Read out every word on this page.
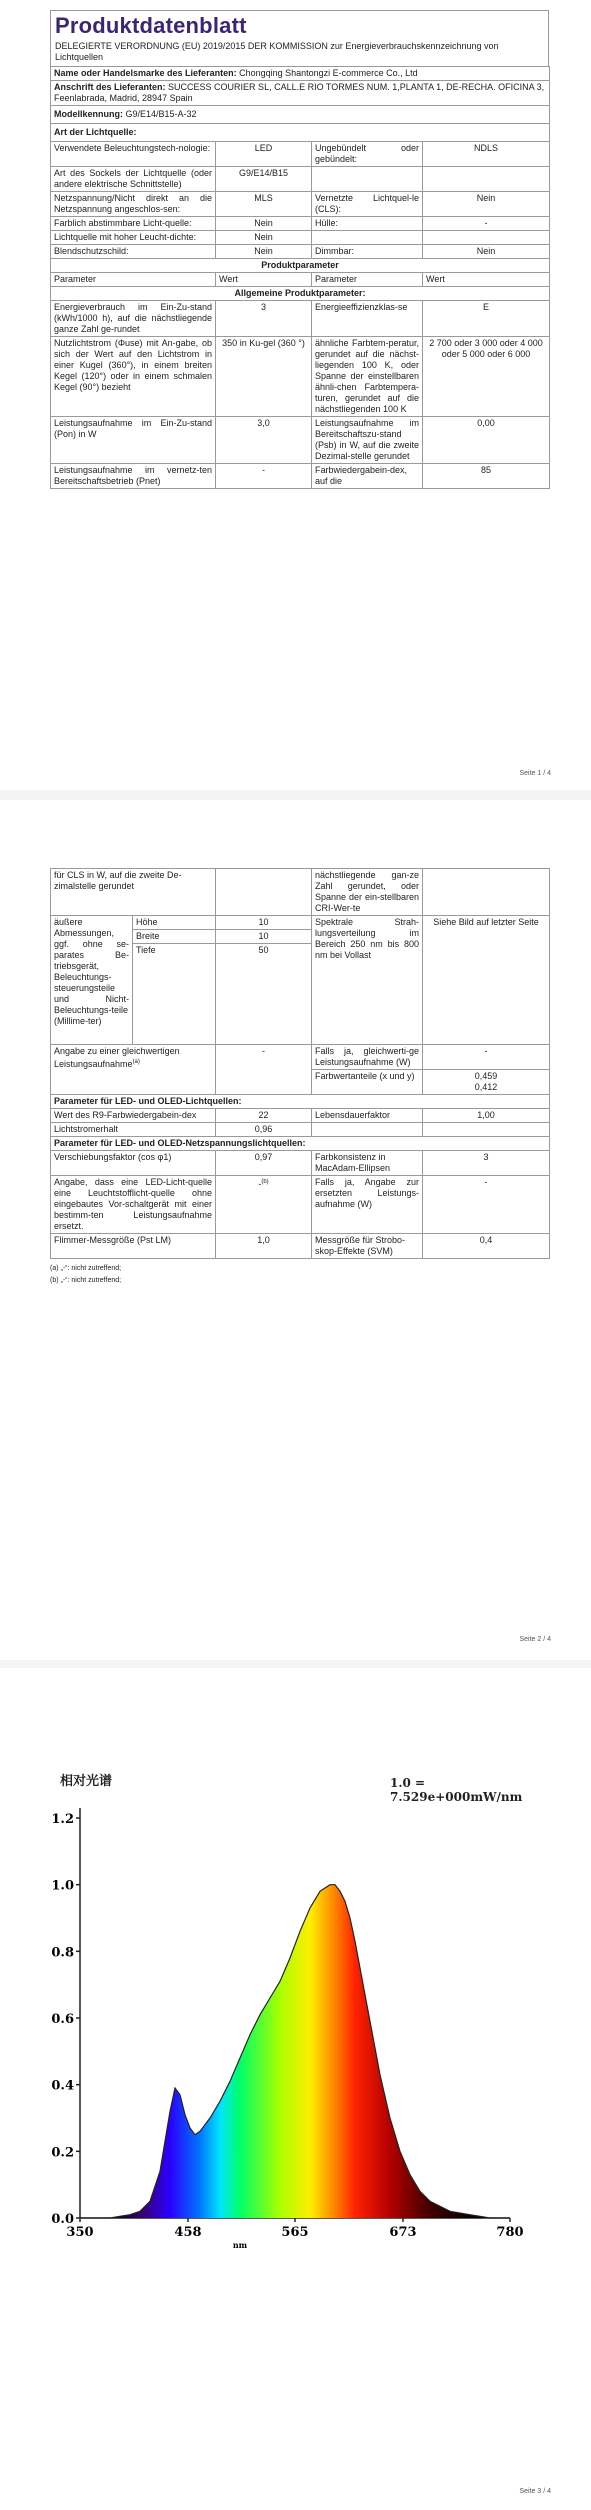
Produktdatenblatt
DELEGIERTE VERORDNUNG (EU) 2019/2015 DER KOMMISSION zur Energieverbrauchskennzeichnung von Lichtquellen
Name oder Handelsmarke des Lieferanten: Chongqing Shantongzi E-commerce Co., Ltd			
Anschrift des Lieferanten: SUCCESS COURIER SL, CALL.E RIO TORMES NUM. 1,PLANTA 1, DE-RECHA. OFICINA 3, Feenlabrada, Madrid, 28947 Spain			
Modellkennung: G9/E14/B15-A-32			
Art der Lichtquelle:			
Verwendete Beleuchtungstech-nologie:	LED	Ungebündelt oder gebündelt:	NDLS
Art des Sockels der Lichtquelle (oder andere elektrische Schnittstelle)	G9/E14/B15		
Netzspannung/Nicht direkt an die Netzspannung angeschlos-sen:	MLS	Vernetzte Lichtquel-le (CLS):	Nein
Farblich abstimmbare Licht-quelle:	Nein	Hülle:	-
Lichtquelle mit hoher Leucht-dichte:	Nein		
Blendschutzschild:	Nein	Dimmbar:	Nein
Produktparameter			
Parameter	Wert	Parameter	Wert
Allgemeine Produktparameter:			
Energieverbrauch im Ein-Zu-stand (kWh/1000 h), auf die nächstliegende ganze Zahl ge-rundet	3	Energieeffizienzklas-se	E
Nutzlichtstrom (Φuse) mit An-gabe, ob sich der Wert auf den Lichtstrom in einer Kugel (360°), in einem breiten Kegel (120°) oder in einem schmalen Kegel (90°) bezieht	350 in Ku-gel (360 °)	ähnliche Farbtem-peratur, gerundet auf die nächst-liegenden 100 K, oder Spanne der einstellbaren ähnli-chen Farbtempera-turen, gerundet auf die nächstliegenden 100 K	2 700 oder 3 000 oder 4 000 oder 5 000 oder 6 000
Leistungsaufnahme im Ein-Zu-stand (Pon) in W	3,0	Leistungsaufnahme im Bereitschaftszu-stand (Psb) in W, auf die zweite Dezimal-stelle gerundet	0,00
Leistungsaufnahme im vernetz-ten Bereitschaftsbetrieb (Pnet)	-	Farbwiedergabein-dex, auf die	85
Seite 1 / 4
für CLS in W, auf die zweite De-zimalstelle gerundet			nächstliegende gan-ze Zahl gerundet, oder Spanne der ein-stellbaren CRI-Wer-te	
äußere Abmessungen, ggf. ohne se-parates Be-triebsgerät, Beleuchtungs-steuerungsteile und Nicht-Beleuchtungs-teile (Millime-ter)	Höhe	10	Spektrale Strah-lungsverteilung im Bereich 250 nm bis 800 nm bei Vollast	Siehe Bild auf letzter Seite
	Breite	10		
	Tiefe	50		
Angabe zu einer gleichwertigen Leistungsaufnahme$^{(a)}$		-	Falls ja, gleichwerti-ge Leistungsaufnahme (W)	-
			Farbwertanteile (x und y)	0,459
0,412
Parameter für LED- und OLED-Lichtquellen:				
Wert des R9-Farbwiedergabein-dex		22	Lebensdauerfaktor	1,00
Lichtstromerhalt		0,96		
Parameter für LED- und OLED-Netzspannungslichtquellen:				
Verschiebungsfaktor (cos φ1)		0,97	Farbkonsistenz in MacAdam-Ellipsen	3
Angabe, dass eine LED-Licht-quelle eine Leuchtstofflicht-quelle ohne eingebautes Vor-schaltgerät mit einer bestimm-ten Leistungsaufnahme ersetzt.		-$^{(b)}$	Falls ja, Angabe zur ersetzten Leistungs-aufnahme (W)	-
Flimmer-Messgröße (Pst LM)		1,0	Messgröße für Strobo-skop-Effekte (SVM)	0,4
(a) „-“: nicht zutreffend;
(b) „-“: nicht zutreffend;
Seite 2 / 4
相对光谱	1.0 = 7.529e+000mW/nm
0.0
0.2
0.4
0.6
0.8
1.0
1.2
350	458	565	673	780
nm
Seite 3 / 4
